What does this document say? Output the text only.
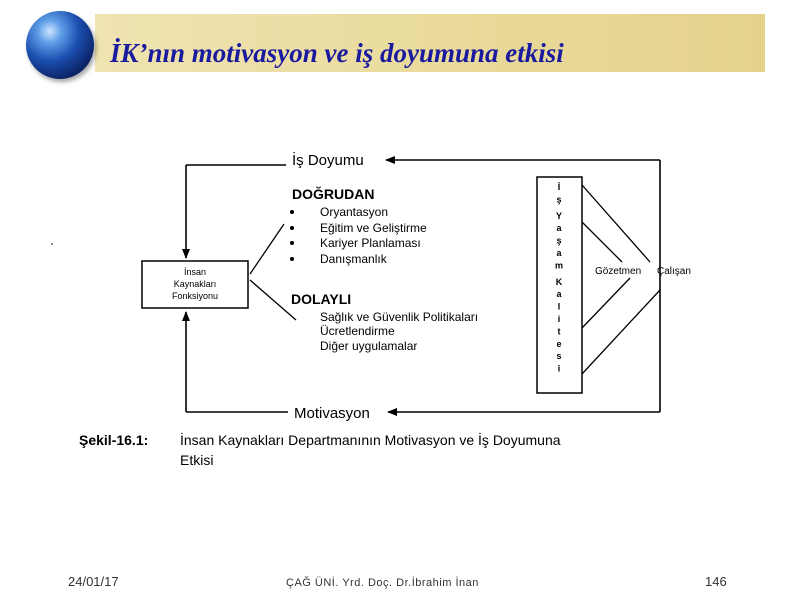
İK’nın motivasyon ve iş doyumuna etkisi
İş Doyumu
İnsan
Kaynakları
Fonksiyonu
DOĞRUDAN
Oryantasyon
Eğitim ve Geliştirme
Kariyer Planlaması
Danışmanlık
DOLAYLI
Sağlık ve Güvenlik Politikaları
Ücretlendirme
Diğer uygulamalar
İ
ş
Y
a
ş
a
m
K
a
l
i
t
e
s
i
Gözetmen Çalışan
Motivasyon
Şekil-16.1: İnsan Kaynakları Departmanının Motivasyon ve İş Doyumuna
Etkisi
24/01/17	ÇAĞ ÜNİ. Yrd. Doç. Dr.İbrahim İnan	146
